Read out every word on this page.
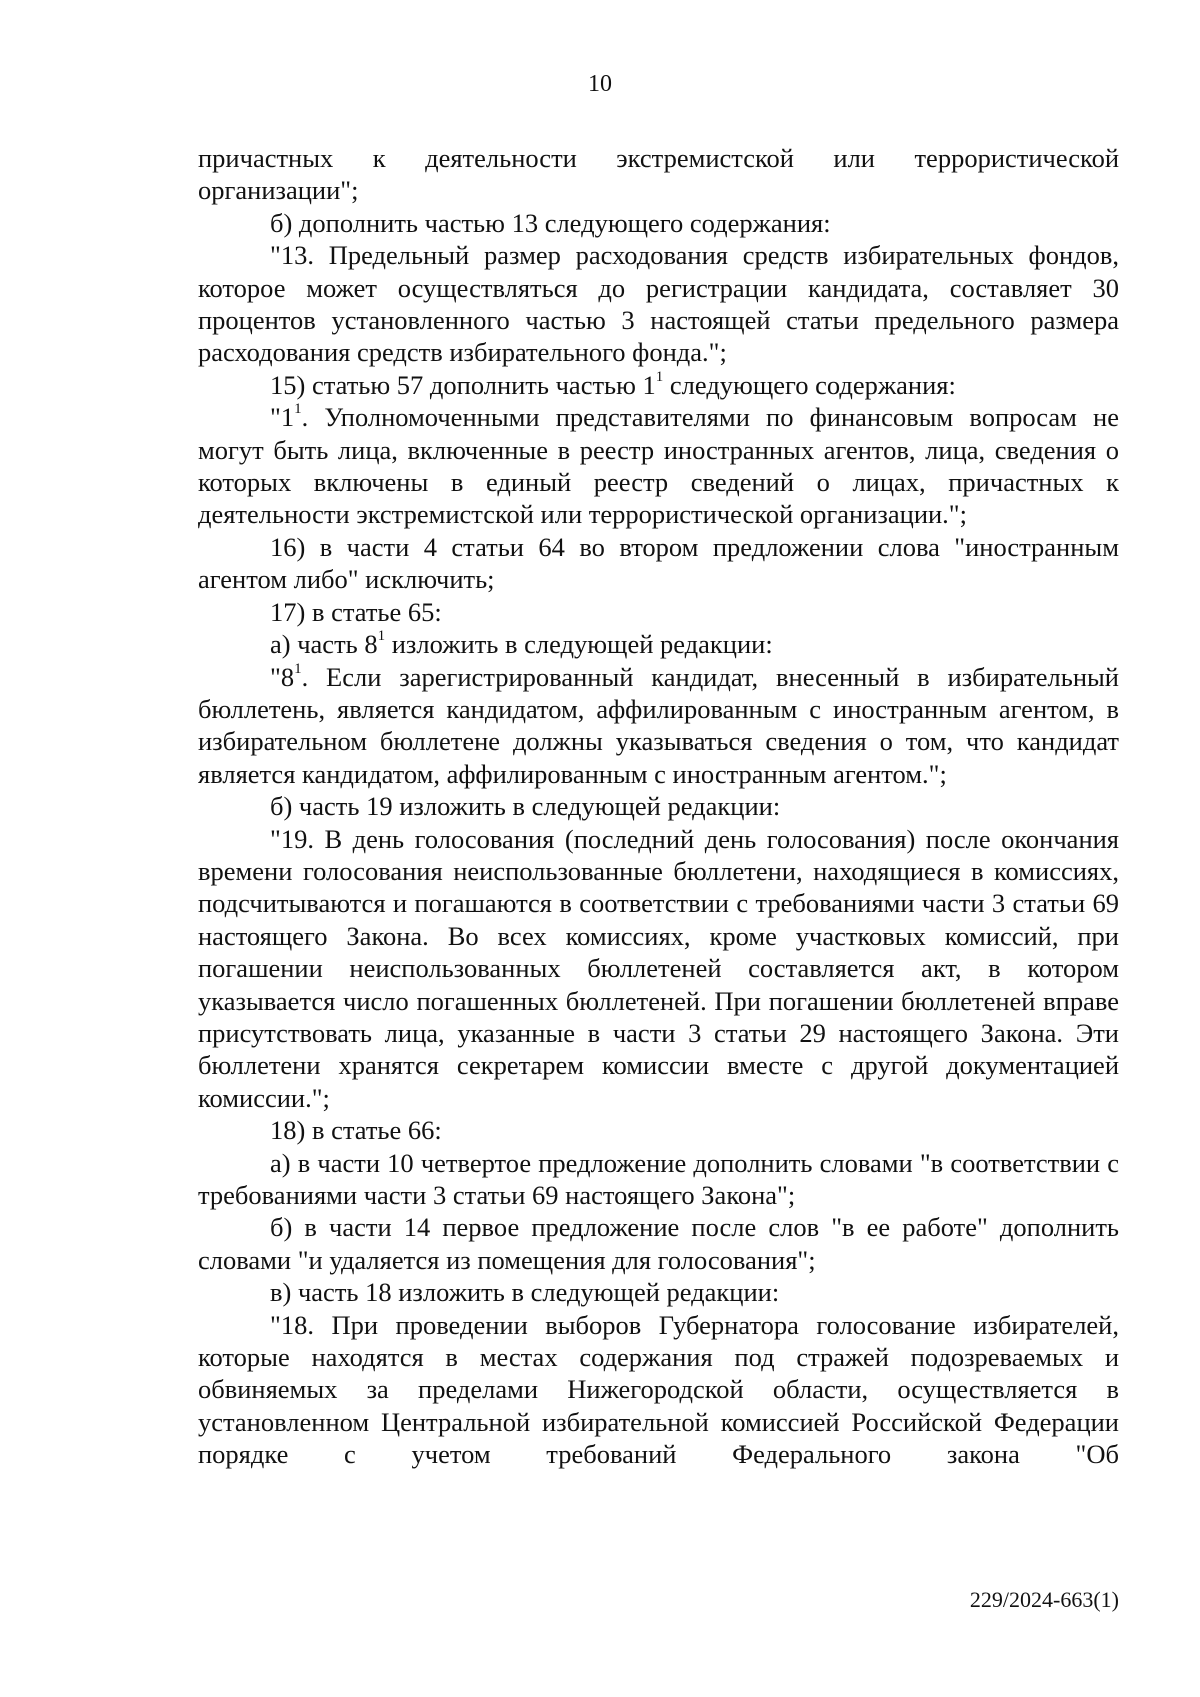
10

причастных к деятельности экстремистской или террористической организации";

б) дополнить частью 13 следующего содержания:

"13. Предельный размер расходования средств избирательных фондов, которое может осуществляться до регистрации кандидата, составляет 30 процентов установленного частью 3 настоящей статьи предельного размера расходования средств избирательного фонда.";

15) статью 57 дополнить частью $1^1$ следующего содержания:

"$1^1$. Уполномоченными представителями по финансовым вопросам не могут быть лица, включенные в реестр иностранных агентов, лица, сведения о которых включены в единый реестр сведений о лицах, причастных к деятельности экстремистской или террористической организации.";

16) в части 4 статьи 64 во втором предложении слова "иностранным агентом либо" исключить;

17) в статье 65:

а) часть $8^1$ изложить в следующей редакции:

"$8^1$. Если зарегистрированный кандидат, внесенный в избирательный бюллетень, является кандидатом, аффилированным с иностранным агентом, в избирательном бюллетене должны указываться сведения о том, что кандидат является кандидатом, аффилированным с иностранным агентом.";

б) часть 19 изложить в следующей редакции:

"19. В день голосования (последний день голосования) после окончания времени голосования неиспользованные бюллетени, находящиеся в комиссиях, подсчитываются и погашаются в соответствии с требованиями части 3 статьи 69 настоящего Закона. Во всех комиссиях, кроме участковых комиссий, при погашении неиспользованных бюллетеней составляется акт, в котором указывается число погашенных бюллетеней. При погашении бюллетеней вправе присутствовать лица, указанные в части 3 статьи 29 настоящего Закона. Эти бюллетени хранятся секретарем комиссии вместе с другой документацией комиссии.";

18) в статье 66:

а) в части 10 четвертое предложение дополнить словами "в соответствии с требованиями части 3 статьи 69 настоящего Закона";

б) в части 14 первое предложение после слов "в ее работе" дополнить словами "и удаляется из помещения для голосования";

в) часть 18 изложить в следующей редакции:

"18. При проведении выборов Губернатора голосование избирателей, которые находятся в местах содержания под стражей подозреваемых и обвиняемых за пределами Нижегородской области, осуществляется в установленном Центральной избирательной комиссией Российской Федерации порядке с учетом требований Федерального закона "Об

229/2024-663(1)
